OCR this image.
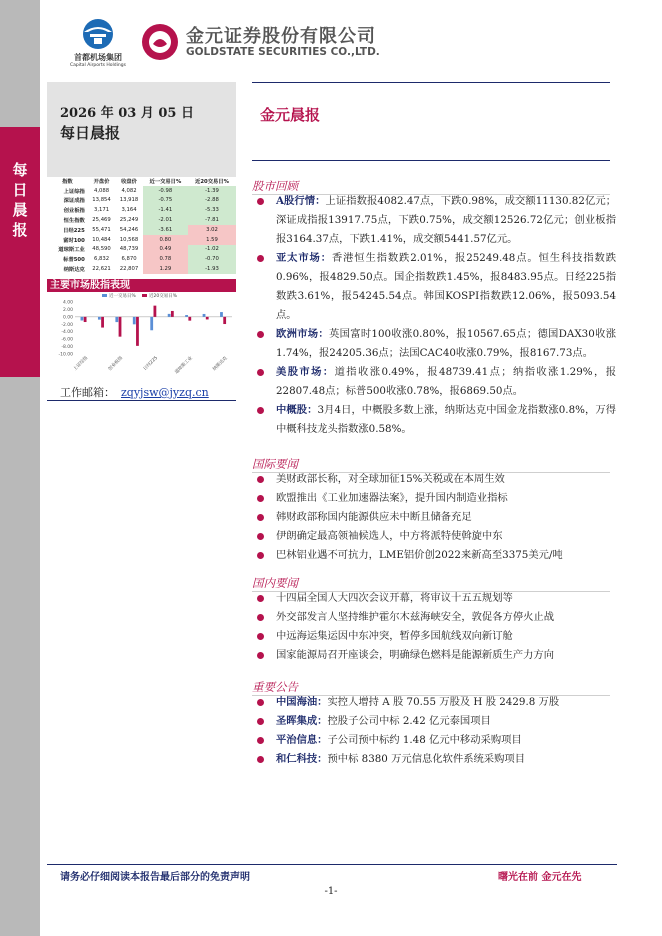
每日晨报
首都机场集团
Capital Airports Holdings
金元证券股份有限公司
GOLDSTATE SECURITIES CO.,LTD.
2026 年 03 月 05 日
每日晨报
金元晨报
指数	开盘价	收盘价	近一交易日%	近20交易日%
上证综指	4,088	4,082	-0.98	-1.39
深证成指	13,854	13,918	-0.75	-2.88
创业板指	3,171	3,164	-1.41	-5.33
恒生指数	25,469	25,249	-2.01	-7.81
日经225	55,471	54,246	-3.61	3.02
富时100	10,484	10,568	0.80	1.59
道琼斯工业	48,590	48,739	0.49	-1.02
标普500	6,832	6,870	0.78	-0.70
纳斯达克	22,621	22,807	1.29	-1.93
主要市场股指表现
近一交易日%	近20交易日%
4.00
2.00
0.00
-2.00
-4.00
-6.00
-8.00
-10.00
上证综指	创业板指	日经225	道琼斯工业	纳斯达克
工作邮箱： zqyjsw@jyzq.cn
股市回顾
A股行情：上证指数报4082.47点，下跌0.98%，成交额11130.82亿元；深证成指报13917.75点，下跌0.75%，成交额12526.72亿元；创业板指报3164.37点，下跌1.41%，成交额5441.57亿元。
亚太市场：香港恒生指数跌2.01%，报25249.48点。恒生科技指数跌0.96%，报4829.50点。国企指数跌1.45%，报8483.95点。日经225指数跌3.61%，报54245.54点。韩国KOSPI指数跌12.06%，报5093.54点。
欧洲市场：英国富时100收涨0.80%，报10567.65点；德国DAX30收涨1.74%，报24205.36点；法国CAC40收涨0.79%，报8167.73点。
美股市场：道指收涨0.49%，报48739.41点；纳指收涨1.29%，报22807.48点；标普500收涨0.78%，报6869.50点。
中概股：3月4日，中概股多数上涨，纳斯达克中国金龙指数涨0.8%，万得中概科技龙头指数涨0.58%。
国际要闻
美财政部长称，对全球加征15%关税或在本周生效
欧盟推出《工业加速器法案》，提升国内制造业指标
韩财政部称国内能源供应未中断且储备充足
伊朗确定最高领袖候选人，中方将派特使斡旋中东
巴林铝业遇不可抗力，LME铝价创2022来新高至3375美元/吨
国内要闻
十四届全国人大四次会议开幕，将审议十五五规划等
外交部发言人坚持维护霍尔木兹海峡安全，敦促各方停火止战
中远海运集运因中东冲突，暂停多国航线双向新订舱
国家能源局召开座谈会，明确绿色燃料是能源新质生产力方向
重要公告
中国海油：实控人增持 A 股 70.55 万股及 H 股 2429.8 万股
圣晖集成：控股子公司中标 2.42 亿元泰国项目
平治信息：子公司预中标约 1.48 亿元中移动采购项目
和仁科技：预中标 8380 万元信息化软件系统采购项目
请务必仔细阅读本报告最后部分的免责声明	曙光在前 金元在先
-1-
